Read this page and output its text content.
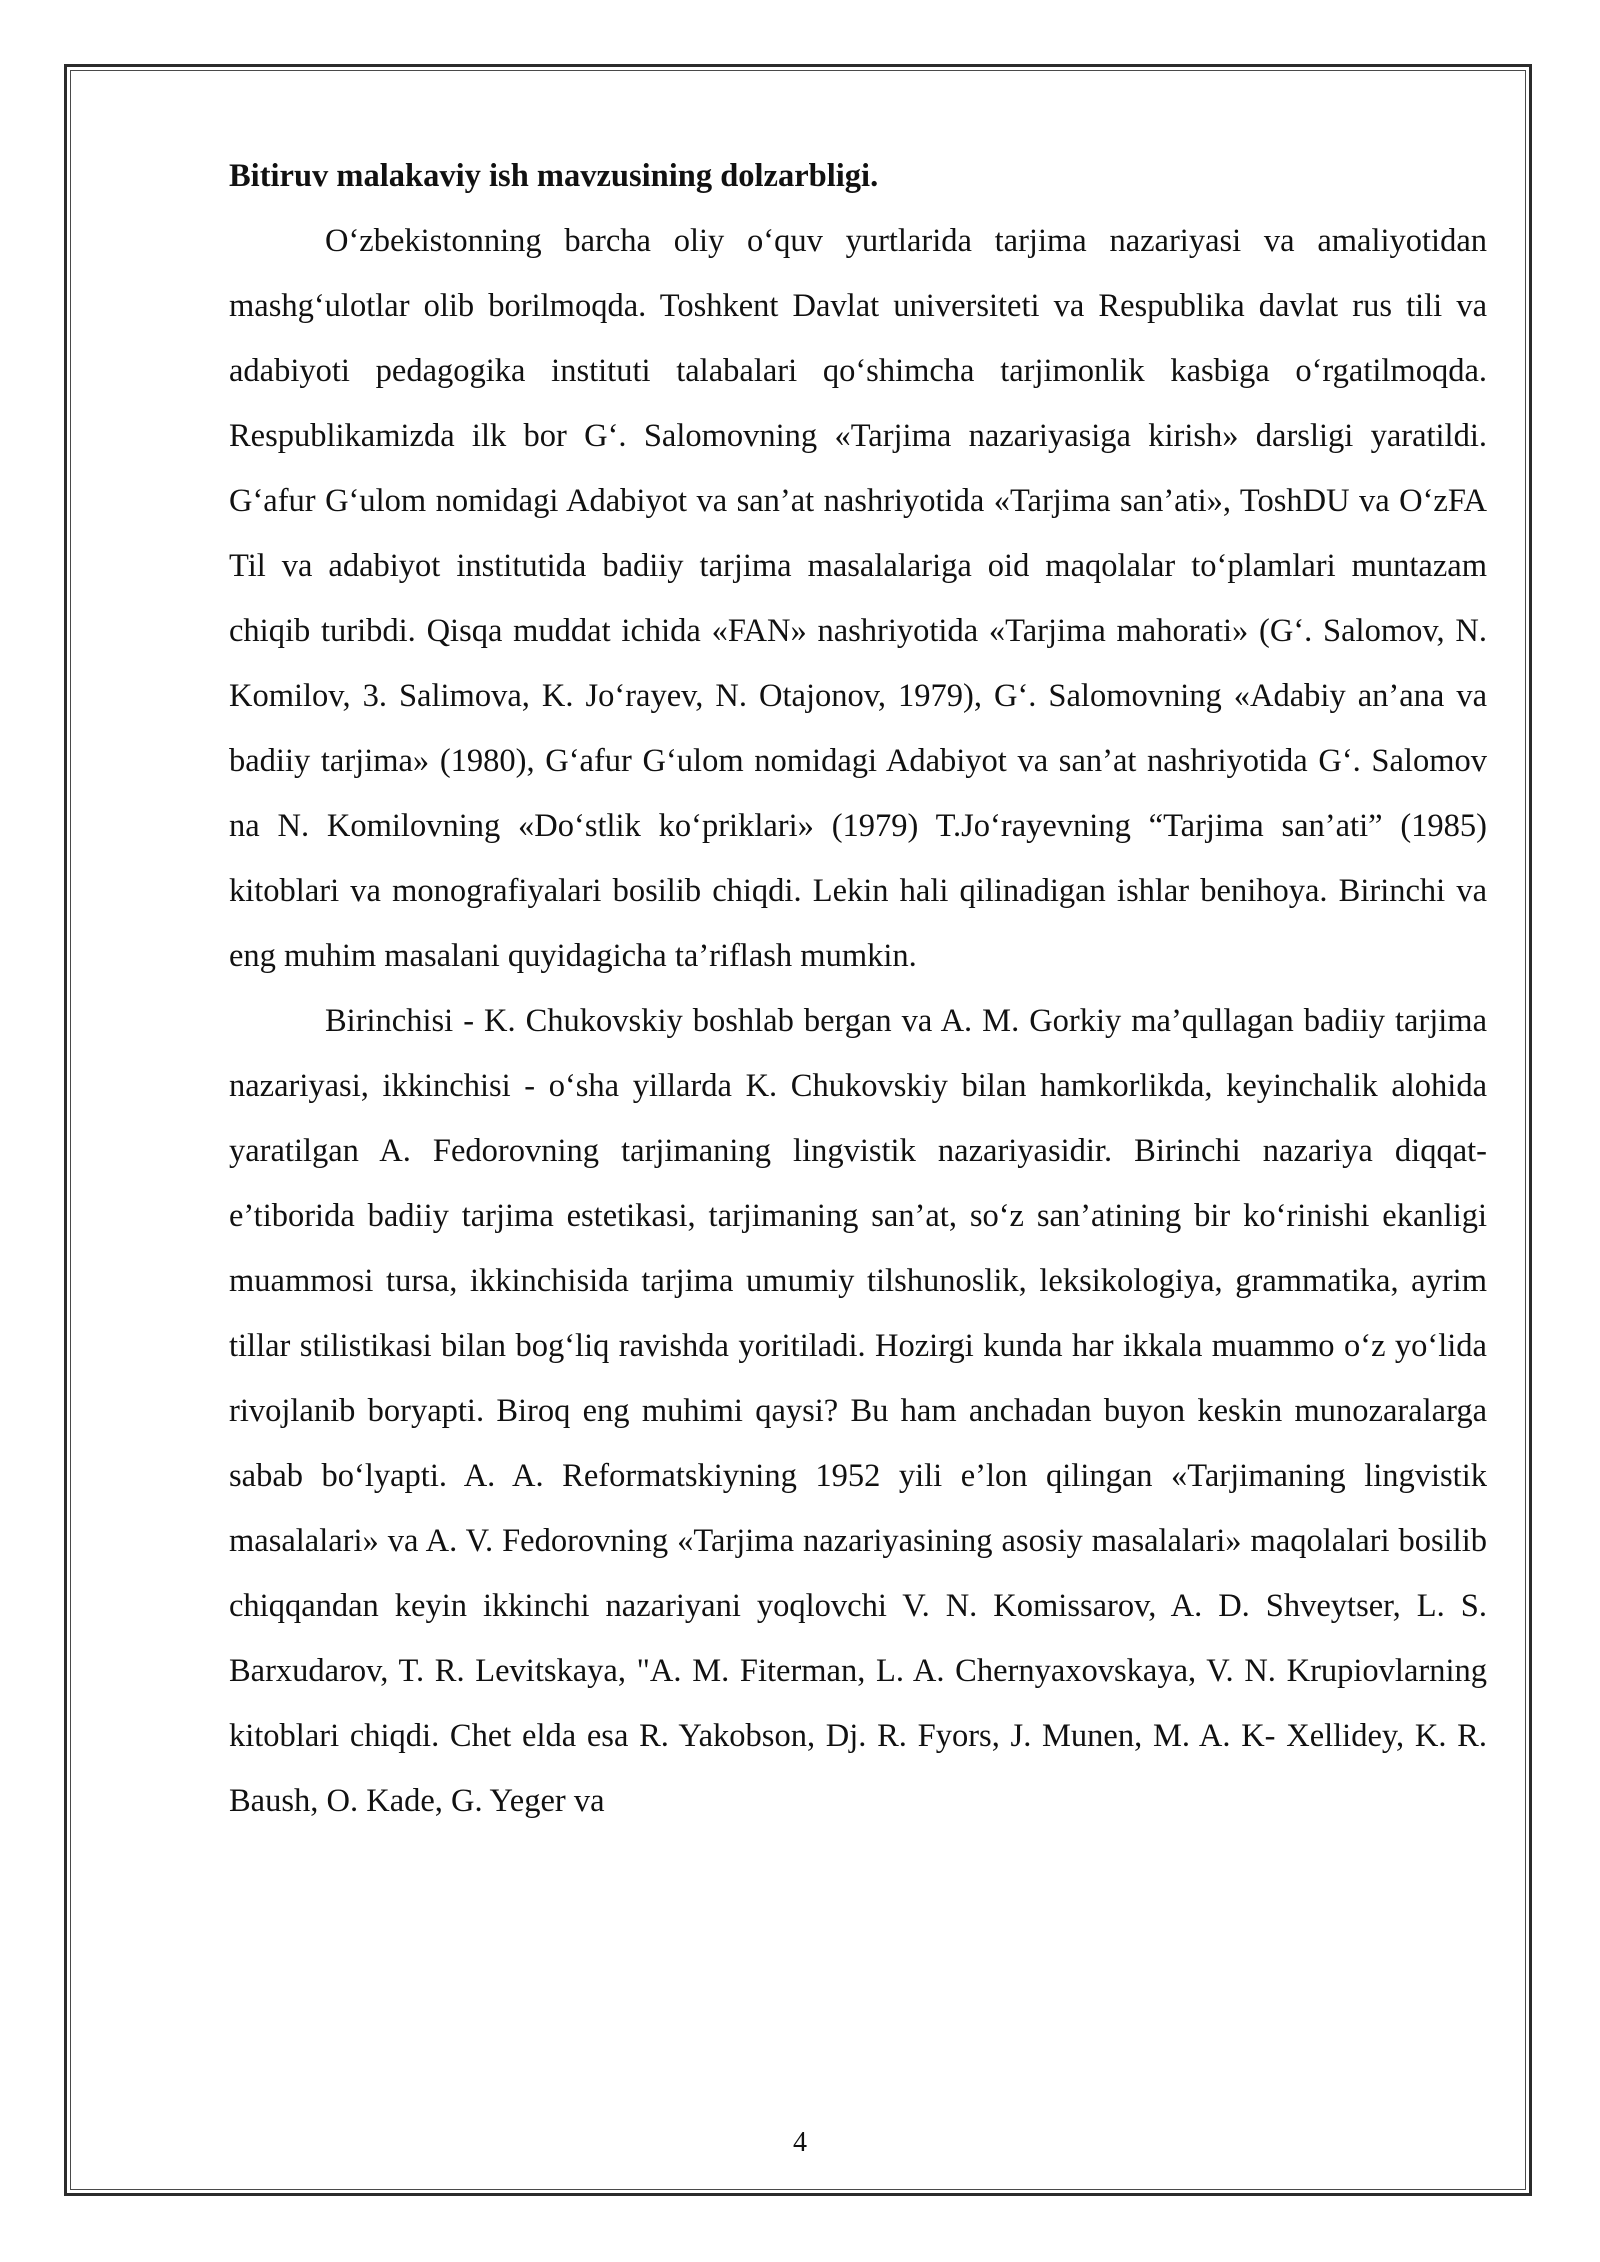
Bitiruv malakaviy ish mavzusining dolzarbligi.

O‘zbekistonning barcha oliy o‘quv yurtlarida tarjima nazariyasi va amaliyotidan mashg‘ulotlar olib borilmoqda. Toshkent Davlat universiteti va Respublika davlat rus tili va adabiyoti pedagogika instituti talabalari qo‘shimcha tarjimonlik kasbiga o‘rgatilmoqda. Respublikamizda ilk bor G‘. Salomovning «Tarjima nazariyasiga kirish» darsligi yaratildi. G‘afur G‘ulom nomidagi Adabiyot va san’at nashriyotida «Tarjima san’ati», ToshDU va O‘zFA Til va adabiyot institutida badiiy tarjima masalalariga oid maqolalar to‘plamlari muntazam chiqib turibdi. Qisqa muddat ichida «FAN» nashriyotida «Tarjima mahorati» (G‘. Salomov, N. Komilov, 3. Salimova, K. Jo‘rayev, N. Otajonov, 1979), G‘. Salomovning «Adabiy an’ana va badiiy tarjima» (1980), G‘afur G‘ulom nomidagi Adabiyot va san’at nashriyotida G‘. Salomov na N. Komilovning «Do‘stlik ko‘priklari» (1979) T.Jo‘rayevning “Tarjima san’ati” (1985) kitoblari va monografiyalari bosilib chiqdi. Lekin hali qilinadigan ishlar benihoya. Birinchi va eng muhim masalani quyidagicha ta’riflash mumkin.

Birinchisi - K. Chukovskiy boshlab bergan va A. M. Gorkiy ma’qullagan badiiy tarjima nazariyasi, ikkinchisi - o‘sha yillarda K. Chukovskiy bilan hamkorlikda, keyinchalik alohida yaratilgan A. Fedorovning tarjimaning lingvistik nazariyasidir. Birinchi nazariya diqqat-e’tiborida badiiy tarjima estetikasi, tarjimaning san’at, so‘z san’atining bir ko‘rinishi ekanligi muammosi tursa, ikkinchisida tarjima umumiy tilshunoslik, leksikologiya, grammatika, ayrim tillar stilistikasi bilan bog‘liq ravishda yoritiladi. Hozirgi kunda har ikkala muammo o‘z yo‘lida rivojlanib boryapti. Biroq eng muhimi qaysi? Bu ham anchadan buyon keskin munozaralarga sabab bo‘lyapti. A. A. Reformatskiyning 1952 yili e’lon qilingan «Tarjimaning lingvistik masalalari» va A. V. Fedorovning «Tarjima nazariyasining asosiy masalalari» maqolalari bosilib chiqqandan keyin ikkinchi nazariyani yoqlovchi V. N. Komissarov, A. D. Shveytser, L. S. Barxudarov, T. R. Levitskaya, "A. M. Fiterman, L. A. Chernyaxovskaya, V. N. Krupiovlarning kitoblari chiqdi. Chet elda esa R. Yakobson, Dj. R. Fyors, J. Munen, M. A. K- Xellidey, K. R. Baush, O. Kade, G. Yeger va

4
